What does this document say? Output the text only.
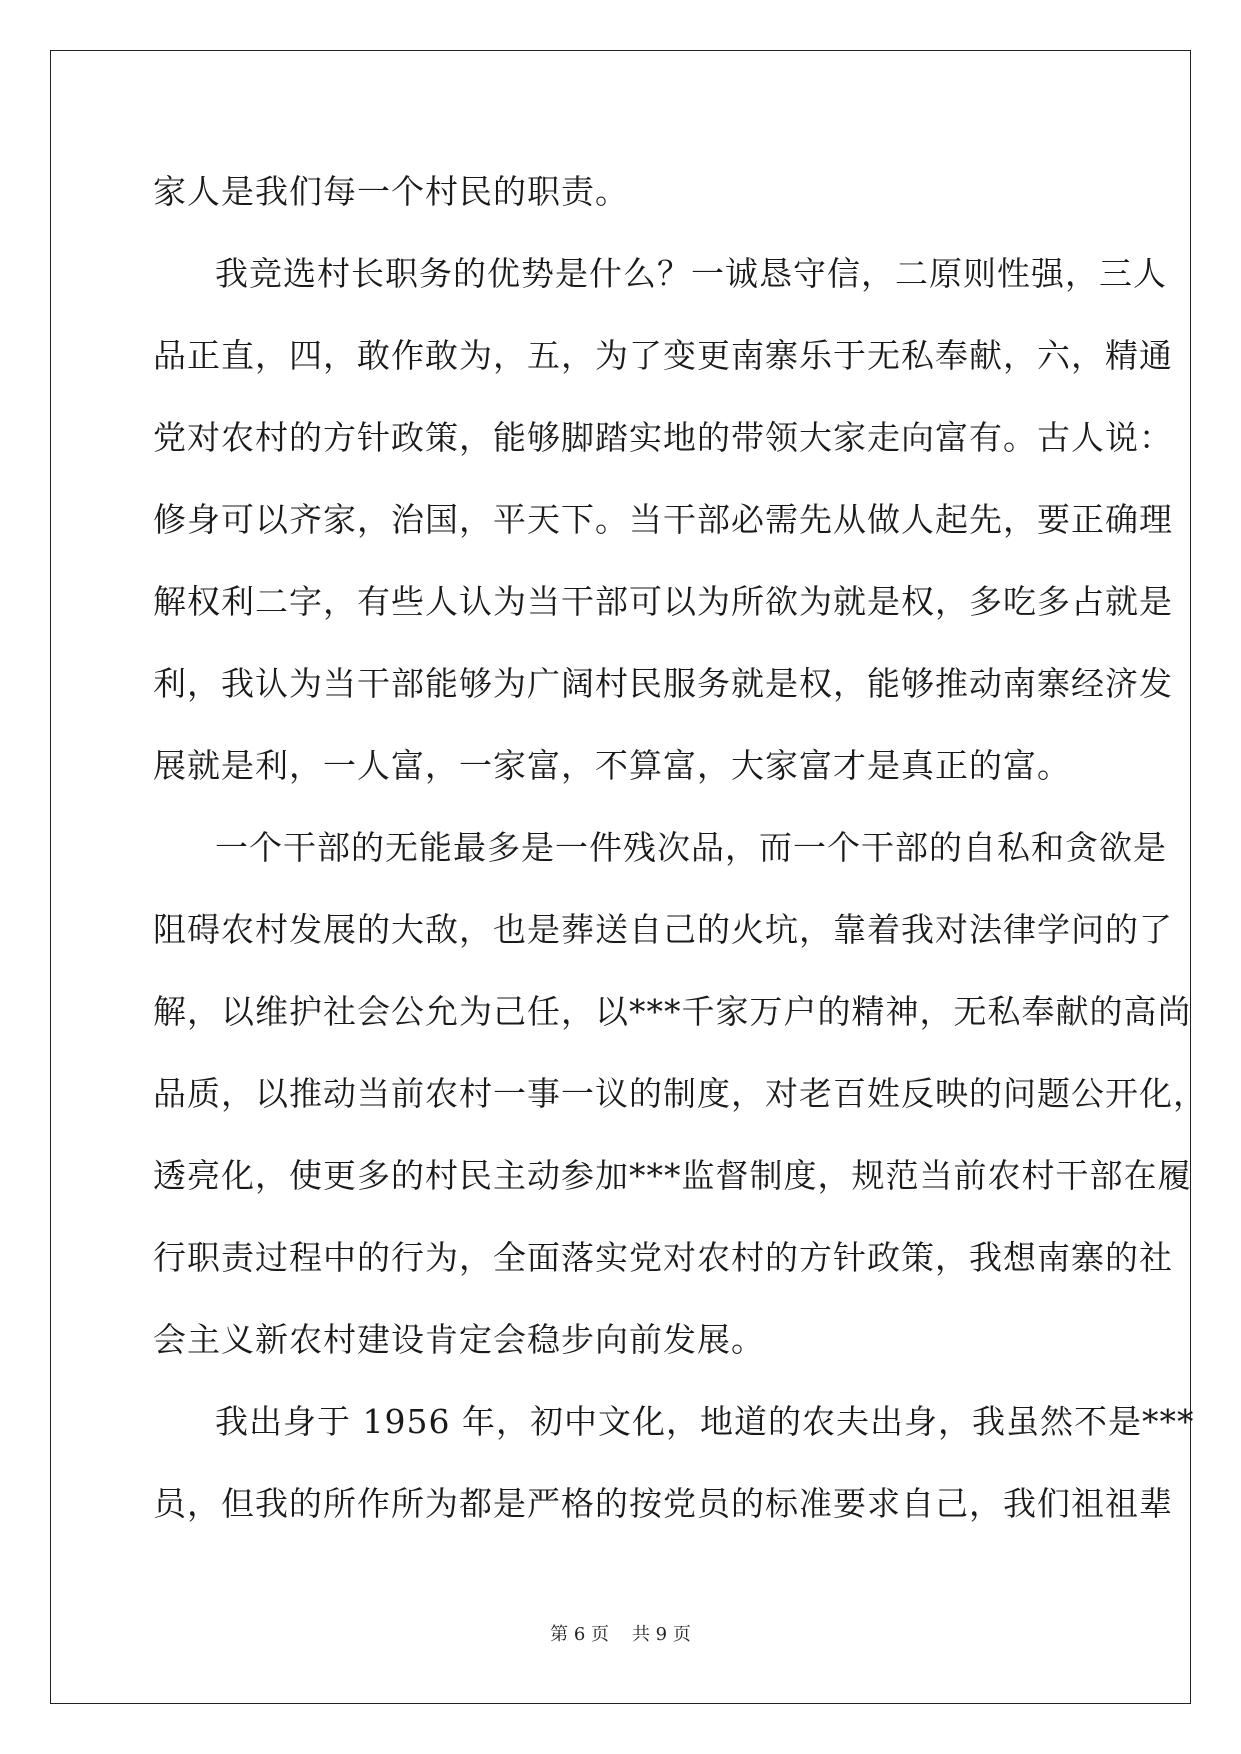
家人是我们每一个村民的职责。
我竞选村长职务的优势是什么？一诚恳守信，二原则性强，三人
品正直，四，敢作敢为，五，为了变更南寨乐于无私奉献，六，精通
党对农村的方针政策，能够脚踏实地的带领大家走向富有。古人说：
修身可以齐家，治国，平天下。当干部必需先从做人起先，要正确理
解权利二字，有些人认为当干部可以为所欲为就是权，多吃多占就是
利，我认为当干部能够为广阔村民服务就是权，能够推动南寨经济发
展就是利，一人富，一家富，不算富，大家富才是真正的富。
一个干部的无能最多是一件残次品，而一个干部的自私和贪欲是
阻碍农村发展的大敌，也是葬送自己的火坑，靠着我对法律学问的了
解，以维护社会公允为己任，以***千家万户的精神，无私奉献的高尚
品质，以推动当前农村一事一议的制度，对老百姓反映的问题公开化，
透亮化，使更多的村民主动参加***监督制度，规范当前农村干部在履
行职责过程中的行为，全面落实党对农村的方针政策，我想南寨的社
会主义新农村建设肯定会稳步向前发展。
我出身于 1956 年，初中文化，地道的农夫出身，我虽然不是***
员，但我的所作所为都是严格的按党员的标准要求自己，我们祖祖辈
第 6 页    共 9 页
